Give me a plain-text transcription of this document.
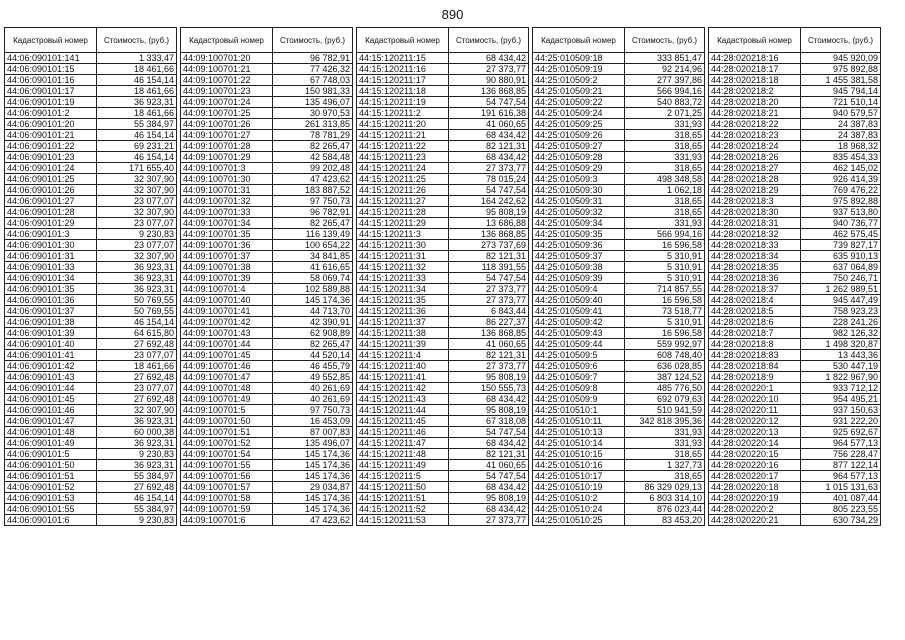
890
Кадастровый номер	Стоимость, (руб.)
44:06:090101:141	1 333,47
44:06:090101:15	18 461,66
44:06:090101:16	46 154,14
44:06:090101:17	18 461,66
44:06:090101:19	36 923,31
44:06:090101:2	18 461,66
44:06:090101:20	55 384,97
44:06:090101:21	46 154,14
44:06:090101:22	69 231,21
44:06:090101:23	46 154,14
44:06:090101:24	171 655,40
44:06:090101:25	32 307,90
44:06:090101:26	32 307,90
44:06:090101:27	23 077,07
44:06:090101:28	32 307,90
44:06:090101:29	23 077,07
44:06:090101:3	9 230,83
44:06:090101:30	23 077,07
44:06:090101:31	32 307,90
44:06:090101:33	36 923,31
44:06:090101:34	36 923,31
44:06:090101:35	36 923,31
44:06:090101:36	50 769,55
44:06:090101:37	50 769,55
44:06:090101:38	46 154,14
44:06:090101:39	64 615,80
44:06:090101:40	27 692,48
44:06:090101:41	23 077,07
44:06:090101:42	18 461,66
44:06:090101:43	27 692,48
44:06:090101:44	23 077,07
44:06:090101:45	27 692,48
44:06:090101:46	32 307,90
44:06:090101:47	36 923,31
44:06:090101:48	60 000,38
44:06:090101:49	36 923,31
44:06:090101:5	9 230,83
44:06:090101:50	36 923,31
44:06:090101:51	55 384,97
44:06:090101:52	27 692,48
44:06:090101:53	46 154,14
44:06:090101:55	55 384,97
44:06:090101:6	9 230,83
Кадастровый номер	Стоимость, (руб.)
44:09:100701:20	96 782,91
44:09:100701:21	77 426,32
44:09:100701:22	67 748,03
44:09:100701:23	150 981,33
44:09:100701:24	135 496,07
44:09:100701:25	30 970,53
44:09:100701:26	261 313,85
44:09:100701:27	78 781,29
44:09:100701:28	82 265,47
44:09:100701:29	42 584,48
44:09:100701:3	99 202,48
44:09:100701:30	47 423,62
44:09:100701:31	183 887,52
44:09:100701:32	97 750,73
44:09:100701:33	96 782,91
44:09:100701:34	82 265,47
44:09:100701:35	116 139,49
44:09:100701:36	100 654,22
44:09:100701:37	34 841,85
44:09:100701:38	41 616,65
44:09:100701:39	58 069,74
44:09:100701:4	102 589,88
44:09:100701:40	145 174,36
44:09:100701:41	44 713,70
44:09:100701:42	42 390,91
44:09:100701:43	62 908,89
44:09:100701:44	82 265,47
44:09:100701:45	44 520,14
44:09:100701:46	46 455,79
44:09:100701:47	49 552,85
44:09:100701:48	40 261,69
44:09:100701:49	40 261,69
44:09:100701:5	97 750,73
44:09:100701:50	16 453,09
44:09:100701:51	87 007,83
44:09:100701:52	135 496,07
44:09:100701:54	145 174,36
44:09:100701:55	145 174,36
44:09:100701:56	145 174,36
44:09:100701:57	29 034,87
44:09:100701:58	145 174,36
44:09:100701:59	145 174,36
44:09:100701:6	47 423,62
Кадастровый номер	Стоимость, (руб.)
44:15:120211:15	68 434,42
44:15:120211:16	27 373,77
44:15:120211:17	90 880,91
44:15:120211:18	136 868,85
44:15:120211:19	54 747,54
44:15:120211:2	191 616,38
44:15:120211:20	41 060,65
44:15:120211:21	68 434,42
44:15:120211:22	82 121,31
44:15:120211:23	68 434,42
44:15:120211:24	27 373,77
44:15:120211:25	78 015,24
44:15:120211:26	54 747,54
44:15:120211:27	164 242,62
44:15:120211:28	95 808,19
44:15:120211:29	13 686,88
44:15:120211:3	136 868,85
44:15:120211:30	273 737,69
44:15:120211:31	82 121,31
44:15:120211:32	118 391,55
44:15:120211:33	54 747,54
44:15:120211:34	27 373,77
44:15:120211:35	27 373,77
44:15:120211:36	6 843,44
44:15:120211:37	86 227,37
44:15:120211:38	136 868,85
44:15:120211:39	41 060,65
44:15:120211:4	82 121,31
44:15:120211:40	27 373,77
44:15:120211:41	95 808,19
44:15:120211:42	150 555,73
44:15:120211:43	68 434,42
44:15:120211:44	95 808,19
44:15:120211:45	67 318,08
44:15:120211:46	54 747,54
44:15:120211:47	68 434,42
44:15:120211:48	82 121,31
44:15:120211:49	41 060,65
44:15:120211:5	54 747,54
44:15:120211:50	68 434,42
44:15:120211:51	95 808,19
44:15:120211:52	68 434,42
44:15:120211:53	27 373,77
Кадастровый номер	Стоимость, (руб.)
44:25:010509:18	333 851,47
44:25:010509:19	92 214,96
44:25:010509:2	277 397,86
44:25:010509:21	566 994,16
44:25:010509:22	540 883,72
44:25:010509:24	2 071,25
44:25:010509:25	331,93
44:25:010509:26	318,65
44:25:010509:27	318,65
44:25:010509:28	331,93
44:25:010509:29	318,65
44:25:010509:3	498 348,58
44:25:010509:30	1 062,18
44:25:010509:31	318,65
44:25:010509:32	318,65
44:25:010509:34	331,93
44:25:010509:35	566 994,16
44:25:010509:36	16 596,58
44:25:010509:37	5 310,91
44:25:010509:38	5 310,91
44:25:010509:39	5 310,91
44:25:010509:4	714 857,55
44:25:010509:40	16 596,58
44:25:010509:41	73 518,77
44:25:010509:42	5 310,91
44:25:010509:43	16 596,58
44:25:010509:44	559 992,97
44:25:010509:5	608 748,40
44:25:010509:6	636 028,85
44:25:010509:7	387 124,52
44:25:010509:8	485 776,50
44:25:010509:9	692 079,63
44:25:010510:1	510 941,59
44:25:010510:11	342 818 395,36
44:25:010510:13	331,93
44:25:010510:14	331,93
44:25:010510:15	318,65
44:25:010510:16	1 327,73
44:25:010510:17	318,65
44:25:010510:19	86 329 029,13
44:25:010510:2	6 803 314,10
44:25:010510:24	876 023,44
44:25:010510:25	83 453,20
Кадастровый номер	Стоимость, (руб.)
44:28:020218:16	945 920,09
44:28:020218:17	975 892,88
44:28:020218:18	1 455 381,58
44:28:020218:2	945 794,14
44:28:020218:20	721 510,14
44:28:020218:21	940 579,57
44:28:020218:22	24 387,83
44:28:020218:23	24 387,83
44:28:020218:24	18 968,32
44:28:020218:26	835 454,33
44:28:020218:27	462 145,02
44:28:020218:28	926 414,39
44:28:020218:29	769 476,22
44:28:020218:3	975 892,88
44:28:020218:30	937 513,80
44:28:020218:31	940 736,77
44:28:020218:32	462 575,45
44:28:020218:33	739 827,17
44:28:020218:34	635 910,13
44:28:020218:35	637 064,89
44:28:020218:36	750 246,71
44:28:020218:37	1 262 989,51
44:28:020218:4	945 447,49
44:28:020218:5	758 923,23
44:28:020218:6	228 241,26
44:28:020218:7	982 126,32
44:28:020218:8	1 498 320,87
44:28:020218:83	13 443,36
44:28:020218:84	530 447,19
44:28:020218:9	1 822 967,90
44:28:020220:1	933 712,12
44:28:020220:10	954 495,21
44:28:020220:11	937 150,63
44:28:020220:12	931 222,20
44:28:020220:13	925 692,67
44:28:020220:14	964 577,13
44:28:020220:15	756 228,47
44:28:020220:16	877 122,14
44:28:020220:17	964 577,13
44:28:020220:18	1 015 131,63
44:28:020220:19	401 087,44
44:28:020220:2	805 223,55
44:28:020220:21	630 734,29
